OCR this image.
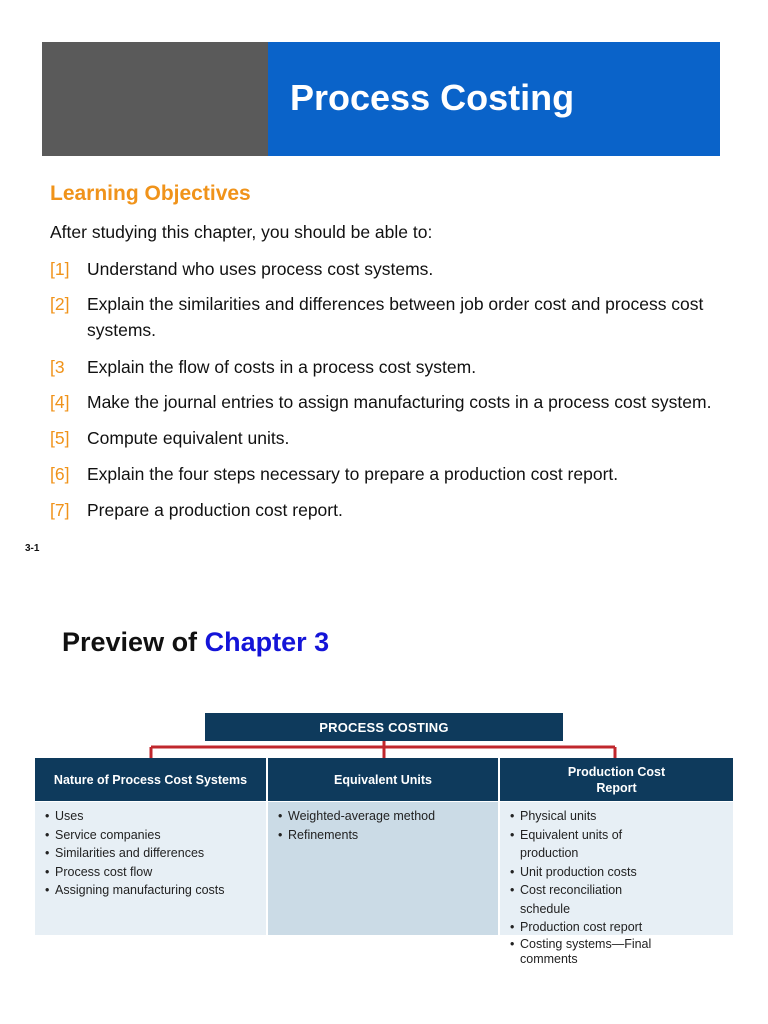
Process Costing
Learning Objectives
After studying this chapter, you should be able to:
[1] Understand who uses process cost systems.
[2] Explain the similarities and differences between job order cost and process cost systems.
[3 Explain the flow of costs in a process cost system.
[4] Make the journal entries to assign manufacturing costs in a process cost system.
[5] Compute equivalent units.
[6] Explain the four steps necessary to prepare a production cost report.
[7] Prepare a production cost report.
3-1
Preview of Chapter 3
PROCESS COSTING
Nature of Process Cost Systems	Equivalent Units
Production Cost Report
• Uses
• Service companies
• Similarities and differences
• Process cost flow
• Assigning manufacturing costs
• Weighted-average method
• Refinements
• Physical units
• Equivalent units of production
• Unit production costs
• Cost reconciliation schedule
• Production cost report
• Costing systems—Final comments
